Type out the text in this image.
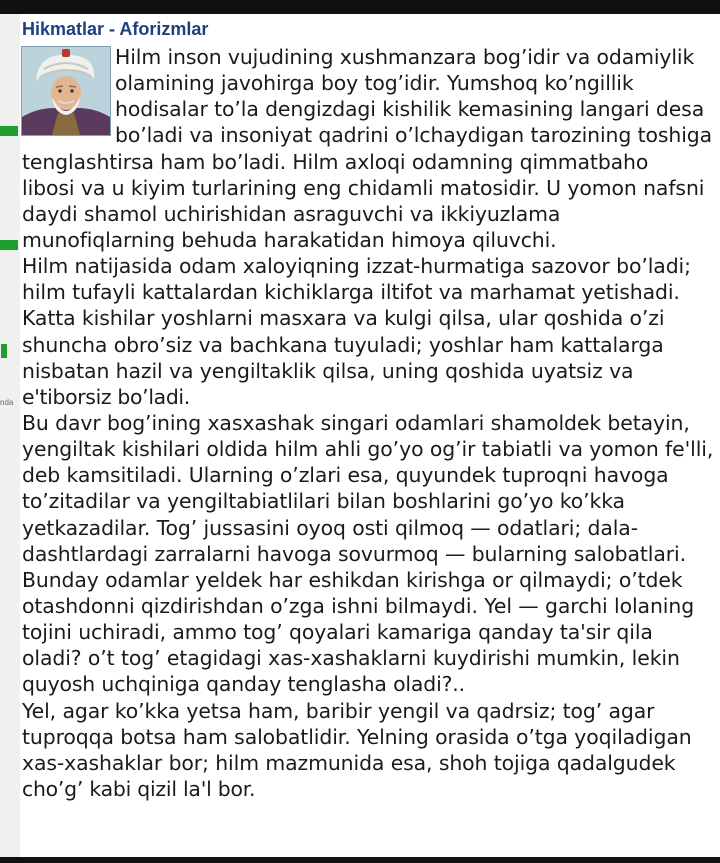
nda
Hikmatlar - Aforizmlar
Hilm inson vujudining xushmanzara bog’idir va odamiylik
olamining javohirga boy tog’idir. Yumshoq ko’ngillik
hodisalar to’la dengizdagi kishilik kemasining langari desa
bo’ladi va insoniyat qadrini o’lchaydigan tarozining toshiga
tenglashtirsa ham bo’ladi. Hilm axloqi odamning qimmatbaho
libosi va u kiyim turlarining eng chidamli matosidir. U yomon nafsni
daydi shamol uchirishidan asraguvchi va ikkiyuzlama
munofiqlarning behuda harakatidan himoya qiluvchi.
Hilm natijasida odam xaloyiqning izzat-hurmatiga sazovor bo’ladi;
hilm tufayli kattalardan kichiklarga iltifot va marhamat yetishadi.
Katta kishilar yoshlarni masxara va kulgi qilsa, ular qoshida o’zi
shuncha obro’siz va bachkana tuyuladi; yoshlar ham kattalarga
nisbatan hazil va yengiltaklik qilsa, uning qoshida uyatsiz va
e'tiborsiz bo’ladi.
Bu davr bog’ining xasxashak singari odamlari shamoldek betayin,
yengiltak kishilari oldida hilm ahli go’yo og’ir tabiatli va yomon fe'lli,
deb kamsitiladi. Ularning o’zlari esa, quyundek tuproqni havoga
to’zitadilar va yengiltabiatlilari bilan boshlarini go’yo ko’kka
yetkazadilar. Tog’ jussasini oyoq osti qilmoq — odatlari; dala-
dashtlardagi zarralarni havoga sovurmoq — bularning salobatlari.
Bunday odamlar yeldek har eshikdan kirishga or qilmaydi; o’tdek
otashdonni qizdirishdan o’zga ishni bilmaydi. Yel — garchi lolaning
tojini uchiradi, ammo tog’ qoyalari kamariga qanday ta'sir qila
oladi? o’t tog’ etagidagi xas-xashaklarni kuydirishi mumkin, lekin
quyosh uchqiniga qanday tenglasha oladi?..
Yel, agar ko’kka yetsa ham, baribir yengil va qadrsiz; tog’ agar
tuproqqa botsa ham salobatlidir. Yelning orasida o’tga yoqiladigan
xas-xashaklar bor; hilm mazmunida esa, shoh tojiga qadalgudek
cho’g’ kabi qizil la'l bor.
